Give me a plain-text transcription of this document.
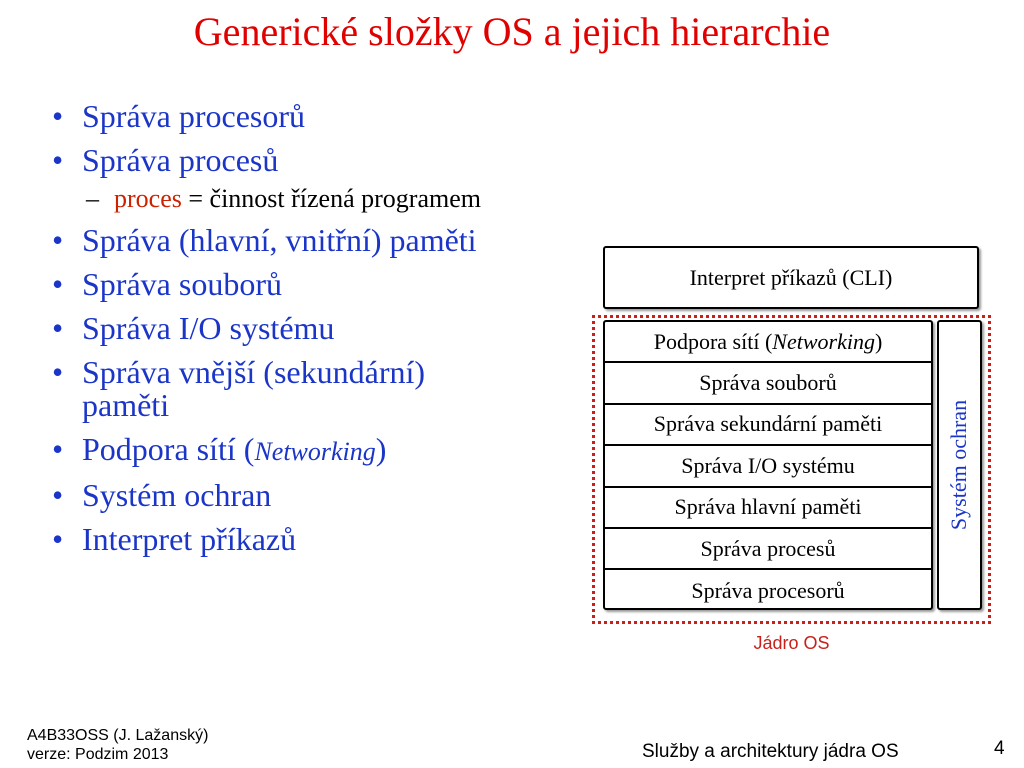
Generické složky OS a jejich hierarchie
• Správa procesorů
• Správa procesů
– proces = činnost řízená programem
• Správa (hlavní, vnitřní) paměti
• Správa souborů
• Správa I/O systému
• Správa vnější (sekundární)
paměti
• Podpora sítí (Networking)
• Systém ochran
• Interpret příkazů
Interpret příkazů (CLI)
Podpora sítí ( Networking )
Správa souborů
Správa sekundární paměti
Správa I/O systému
Správa hlavní paměti
Správa procesů
Správa procesorů
Systém ochran
Jádro OS
A4B33OSS (J. Lažanský)
verze: Podzim 2013	Služby a architektury jádra OS	4
